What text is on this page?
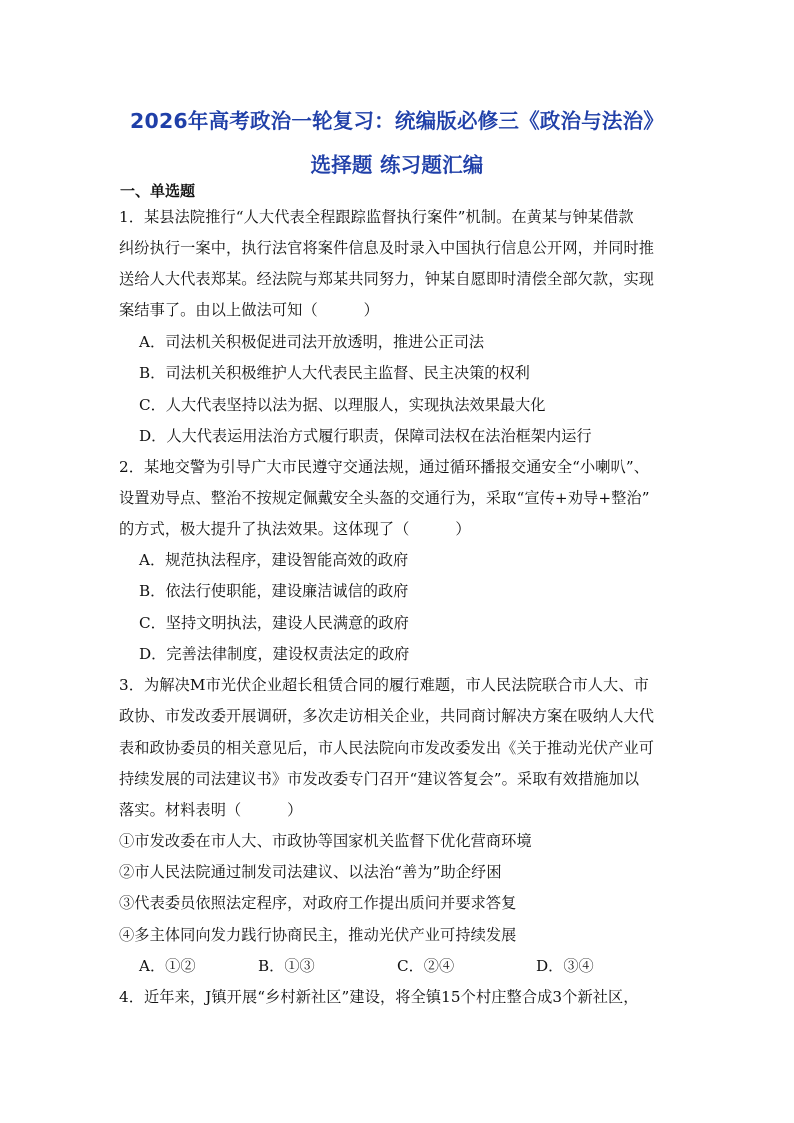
2026年高考政治一轮复习：统编版必修三《政治与法治》
选择题 练习题汇编
一、单选题
1．某县法院推行“人大代表全程跟踪监督执行案件”机制。在黄某与钟某借款
纠纷执行一案中，执行法官将案件信息及时录入中国执行信息公开网，并同时推
送给人大代表郑某。经法院与郑某共同努力，钟某自愿即时清偿全部欠款，实现
案结事了。由以上做法可知（　　　）
A．司法机关积极促进司法开放透明，推进公正司法
B．司法机关积极维护人大代表民主监督、民主决策的权利
C．人大代表坚持以法为据、以理服人，实现执法效果最大化
D．人大代表运用法治方式履行职责，保障司法权在法治框架内运行
2．某地交警为引导广大市民遵守交通法规，通过循环播报交通安全“小喇叭”、
设置劝导点、整治不按规定佩戴安全头盔的交通行为，采取“宣传+劝导+整治”
的方式，极大提升了执法效果。这体现了（　　　）
A．规范执法程序，建设智能高效的政府
B．依法行使职能，建设廉洁诚信的政府
C．坚持文明执法，建设人民满意的政府
D．完善法律制度，建设权责法定的政府
3．为解决M市光伏企业超长租赁合同的履行难题，市人民法院联合市人大、市
政协、市发改委开展调研，多次走访相关企业，共同商讨解决方案在吸纳人大代
表和政协委员的相关意见后，市人民法院向市发改委发出《关于推动光伏产业可
持续发展的司法建议书》市发改委专门召开“建议答复会”。采取有效措施加以
落实。材料表明（　　　）
①市发改委在市人大、市政协等国家机关监督下优化营商环境
②市人民法院通过制发司法建议、以法治“善为”助企纾困
③代表委员依照法定程序，对政府工作提出质问并要求答复
④多主体同向发力践行协商民主，推动光伏产业可持续发展
A．①②	B．①③	C．②④	D．③④
4．近年来，J镇开展“乡村新社区”建设，将全镇15个村庄整合成3个新社区，
